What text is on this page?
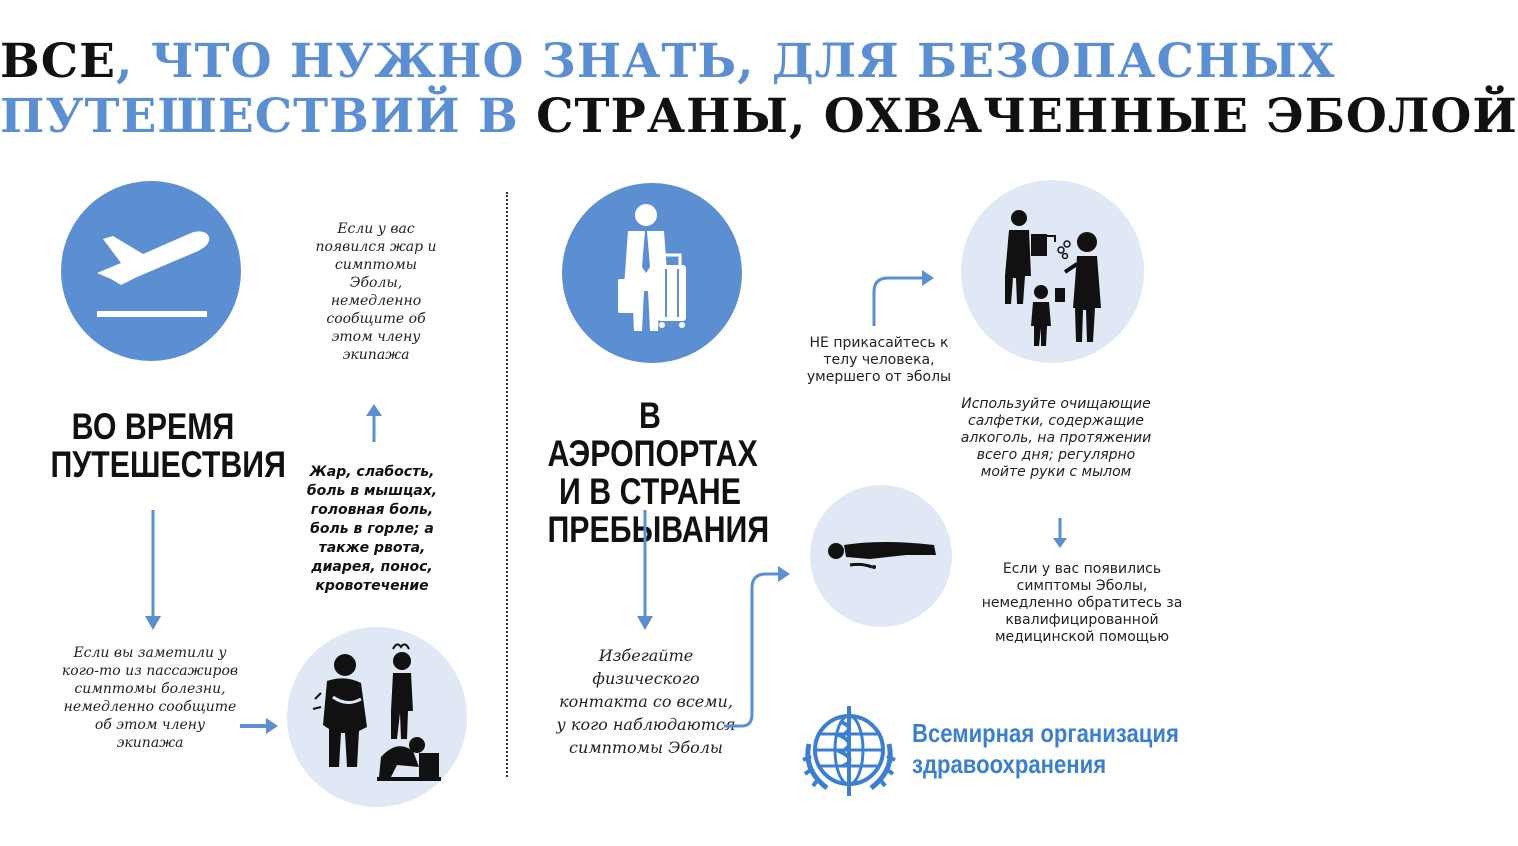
ВСЕ, ЧТО НУЖНО ЗНАТЬ, ДЛЯ БЕЗОПАСНЫХ
ПУТЕШЕСТВИЙ В СТРАНЫ, ОХВАЧЕННЫЕ ЭБОЛОЙ
ВО ВРЕМЯ
ПУТЕШЕСТВИЯ
Если вы заметили у кого-то из пассажиров симптомы болезни, немедленно сообщите об этом члену экипажа
Жар, слабость, боль в мышцах, головная боль, боль в горле; а также рвота, диарея, понос, кровотечение
Если у вас появился жар и симптомы Эболы, немедленно сообщите об этом члену экипажа
В АЭРОПОРТАХ
И В СТРАНЕ
ПРЕБЫВАНИЯ
Избегайте физического контакта со всеми, у кого наблюдаются симптомы Эболы
НЕ прикасайтесь к телу человека, умершего от эболы
Используйте очищающие салфетки, содержащие алкоголь, на протяжении всего дня; регулярно мойте руки с мылом
Если у вас появились симптомы Эболы, немедленно обратитесь за квалифицированной медицинской помощью
Всемирная организация
здравоохранения
